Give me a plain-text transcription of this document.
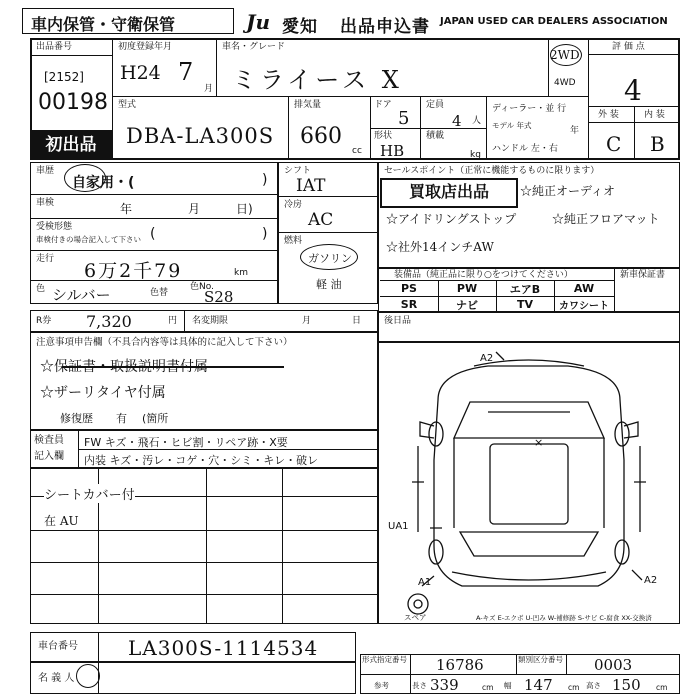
車内保管・守衛保管	Ju 愛知 出品申込書 JAPAN USED CAR DEALERS ASSOCIATION
出品番号
[2152]
00198
初出品
初度登録年月
H24 7
月
車名・グレード
ミライース X
2WD
4WD
型式
DBA-LA300S
排気量
660
cc
ドア
5
定員
4 人
形状
HB
積載
kg
ディーラー・並 行
モデル 年式
年
ハンドル 左・右
評 価 点
4
外 装	内 装
C B
車歴
自家用・(	)
車検	年	月	日)
受検形態
車検付きの場合記入して下さい (	)
走行
6万2千79	km
色 シルバー	色替
色No.
S28
シフト
IAT
冷房
AC
燃料
ガソリン
軽 油
セールスポイント（正常に機能するものに限ります）
買取店出品	☆純正オーディオ
☆アイドリングストップ	☆純正フロアマット
☆社外14インチAW
装備品（純正品に限り○をつけてください）	新車保証書
PS	PW	エアB	AW
SR	ナビ	TV	カワシート
後日品
R券 7,320	円 名変期限	月	日
注意事項申告欄（不具合内容等は具体的に記入して下さい）
☆保証書・取扱説明書付属
☆ザーリタイヤ付属
修復歴 有 (箇所
検査員
記入欄
FW キズ・飛石・ヒビ割・リペア跡・X要
内装 キズ・汚レ・コゲ・穴・シミ・キレ・破レ
シートカバー付
在 AU
A2
A1	A2
UA1
×
スペア	A-キズ E-エクボ U-凹み W-補修跡 S-サビ C-腐食 XX-交換済
車台番号	LA300S-1114534
名 義 人
形式指定番号 16786	類別区分番号 0003
参考	長さ 339	cm 幅 147 cm 高さ 150 cm
